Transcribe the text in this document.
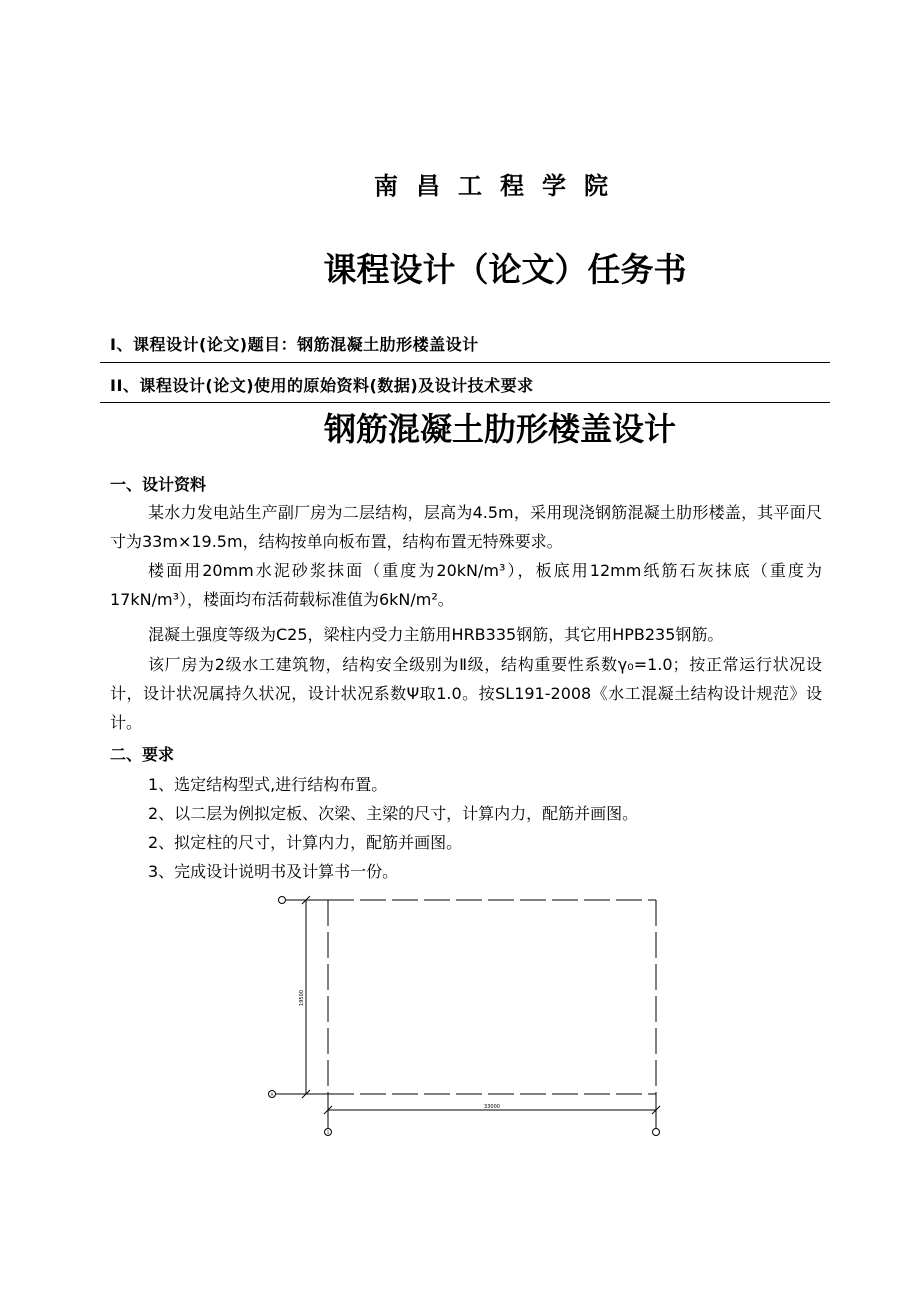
南昌工程学院
课程设计（论文）任务书
I、课程设计(论文)题目：钢筋混凝土肋形楼盖设计
II、课程设计(论文)使用的原始资料(数据)及设计技术要求
钢筋混凝土肋形楼盖设计
一、设计资料
某水力发电站生产副厂房为二层结构，层高为4.5m，采用现浇钢筋混凝土肋形楼盖，其平面尺寸为33m×19.5m，结构按单向板布置，结构布置无特殊要求。
楼面用20mm水泥砂浆抹面（重度为20kN/m³），板底用12mm纸筋石灰抹底（重度为17kN/m³），楼面均布活荷载标准值为6kN/m²。
混凝土强度等级为C25，梁柱内受力主筋用HRB335钢筋，其它用HPB235钢筋。
该厂房为2级水工建筑物，结构安全级别为Ⅱ级，结构重要性系数γ₀=1.0；按正常运行状况设计，设计状况属持久状况，设计状况系数Ψ取1.0。按SL191-2008《水工混凝土结构设计规范》设计。
二、要求
1、选定结构型式,进行结构布置。
2、以二层为例拟定板、次梁、主梁的尺寸，计算内力，配筋并画图。
2、拟定柱的尺寸，计算内力，配筋并画图。
3、完成设计说明书及计算书一份。
A
19500
33000
1
